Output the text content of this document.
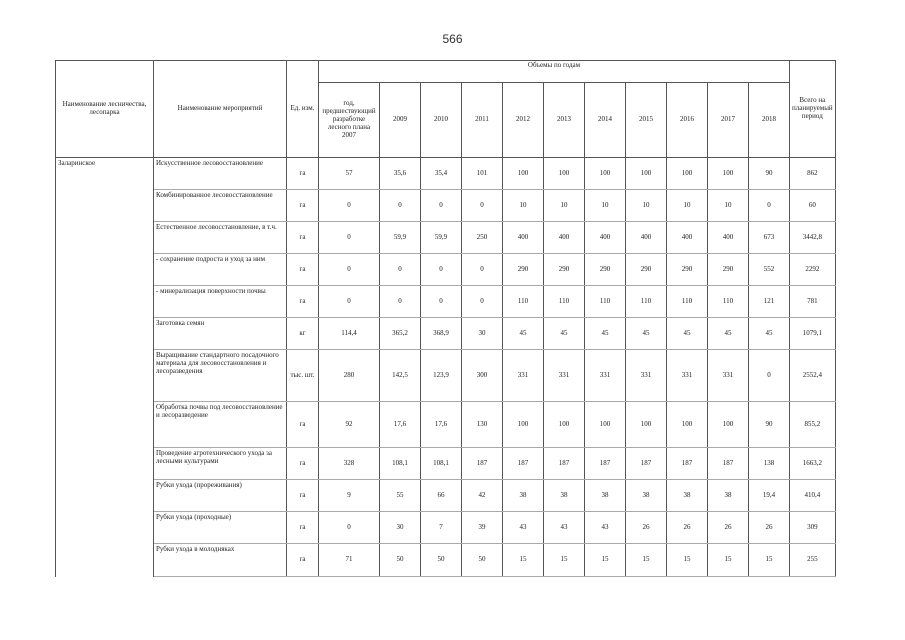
566
Наименование лесничества, лесопарка	Наименование мероприятий	Ед. изм.	Объемы по годам											Всего на планируемый период
			год, предшествующий разработке лесного плана 2007	2009	2010	2011	2012	2013	2014	2015	2016	2017	2018	
Заларинское	Искусственное лесовосстановление	га	57	35,6	35,4	101	100	100	100	100	100	100	90	862
	Комбинированное лесовосстановление	га	0	0	0	0	10	10	10	10	10	10	0	60
	Естественное лесовосстановление, в т.ч.	га	0	59,9	59,9	250	400	400	400	400	400	400	673	3442,8
	- сохранение подроста и уход за ним	га	0	0	0	0	290	290	290	290	290	290	552	2292
	- минерализация поверхности почвы	га	0	0	0	0	110	110	110	110	110	110	121	781
	Заготовка семян	кг	114,4	365,2	368,9	30	45	45	45	45	45	45	45	1079,1
	Выращивание стандартного посадочного материала для лесовосстановления и лесоразведения	тыс. шт.	280	142,5	123,9	300	331	331	331	331	331	331	0	2552,4
	Обработка почвы под лесовосстановление и лесоразведение	га	92	17,6	17,6	130	100	100	100	100	100	100	90	855,2
	Проведение агротехнического ухода за лесными культурами	га	328	108,1	108,1	187	187	187	187	187	187	187	138	1663,2
	Рубки ухода (прореживания)	га	9	55	66	42	38	38	38	38	38	38	19,4	410,4
	Рубки ухода (проходные)	га	0	30	7	39	43	43	43	26	26	26	26	309
	Рубки ухода в молодняках	га	71	50	50	50	15	15	15	15	15	15	15	255
